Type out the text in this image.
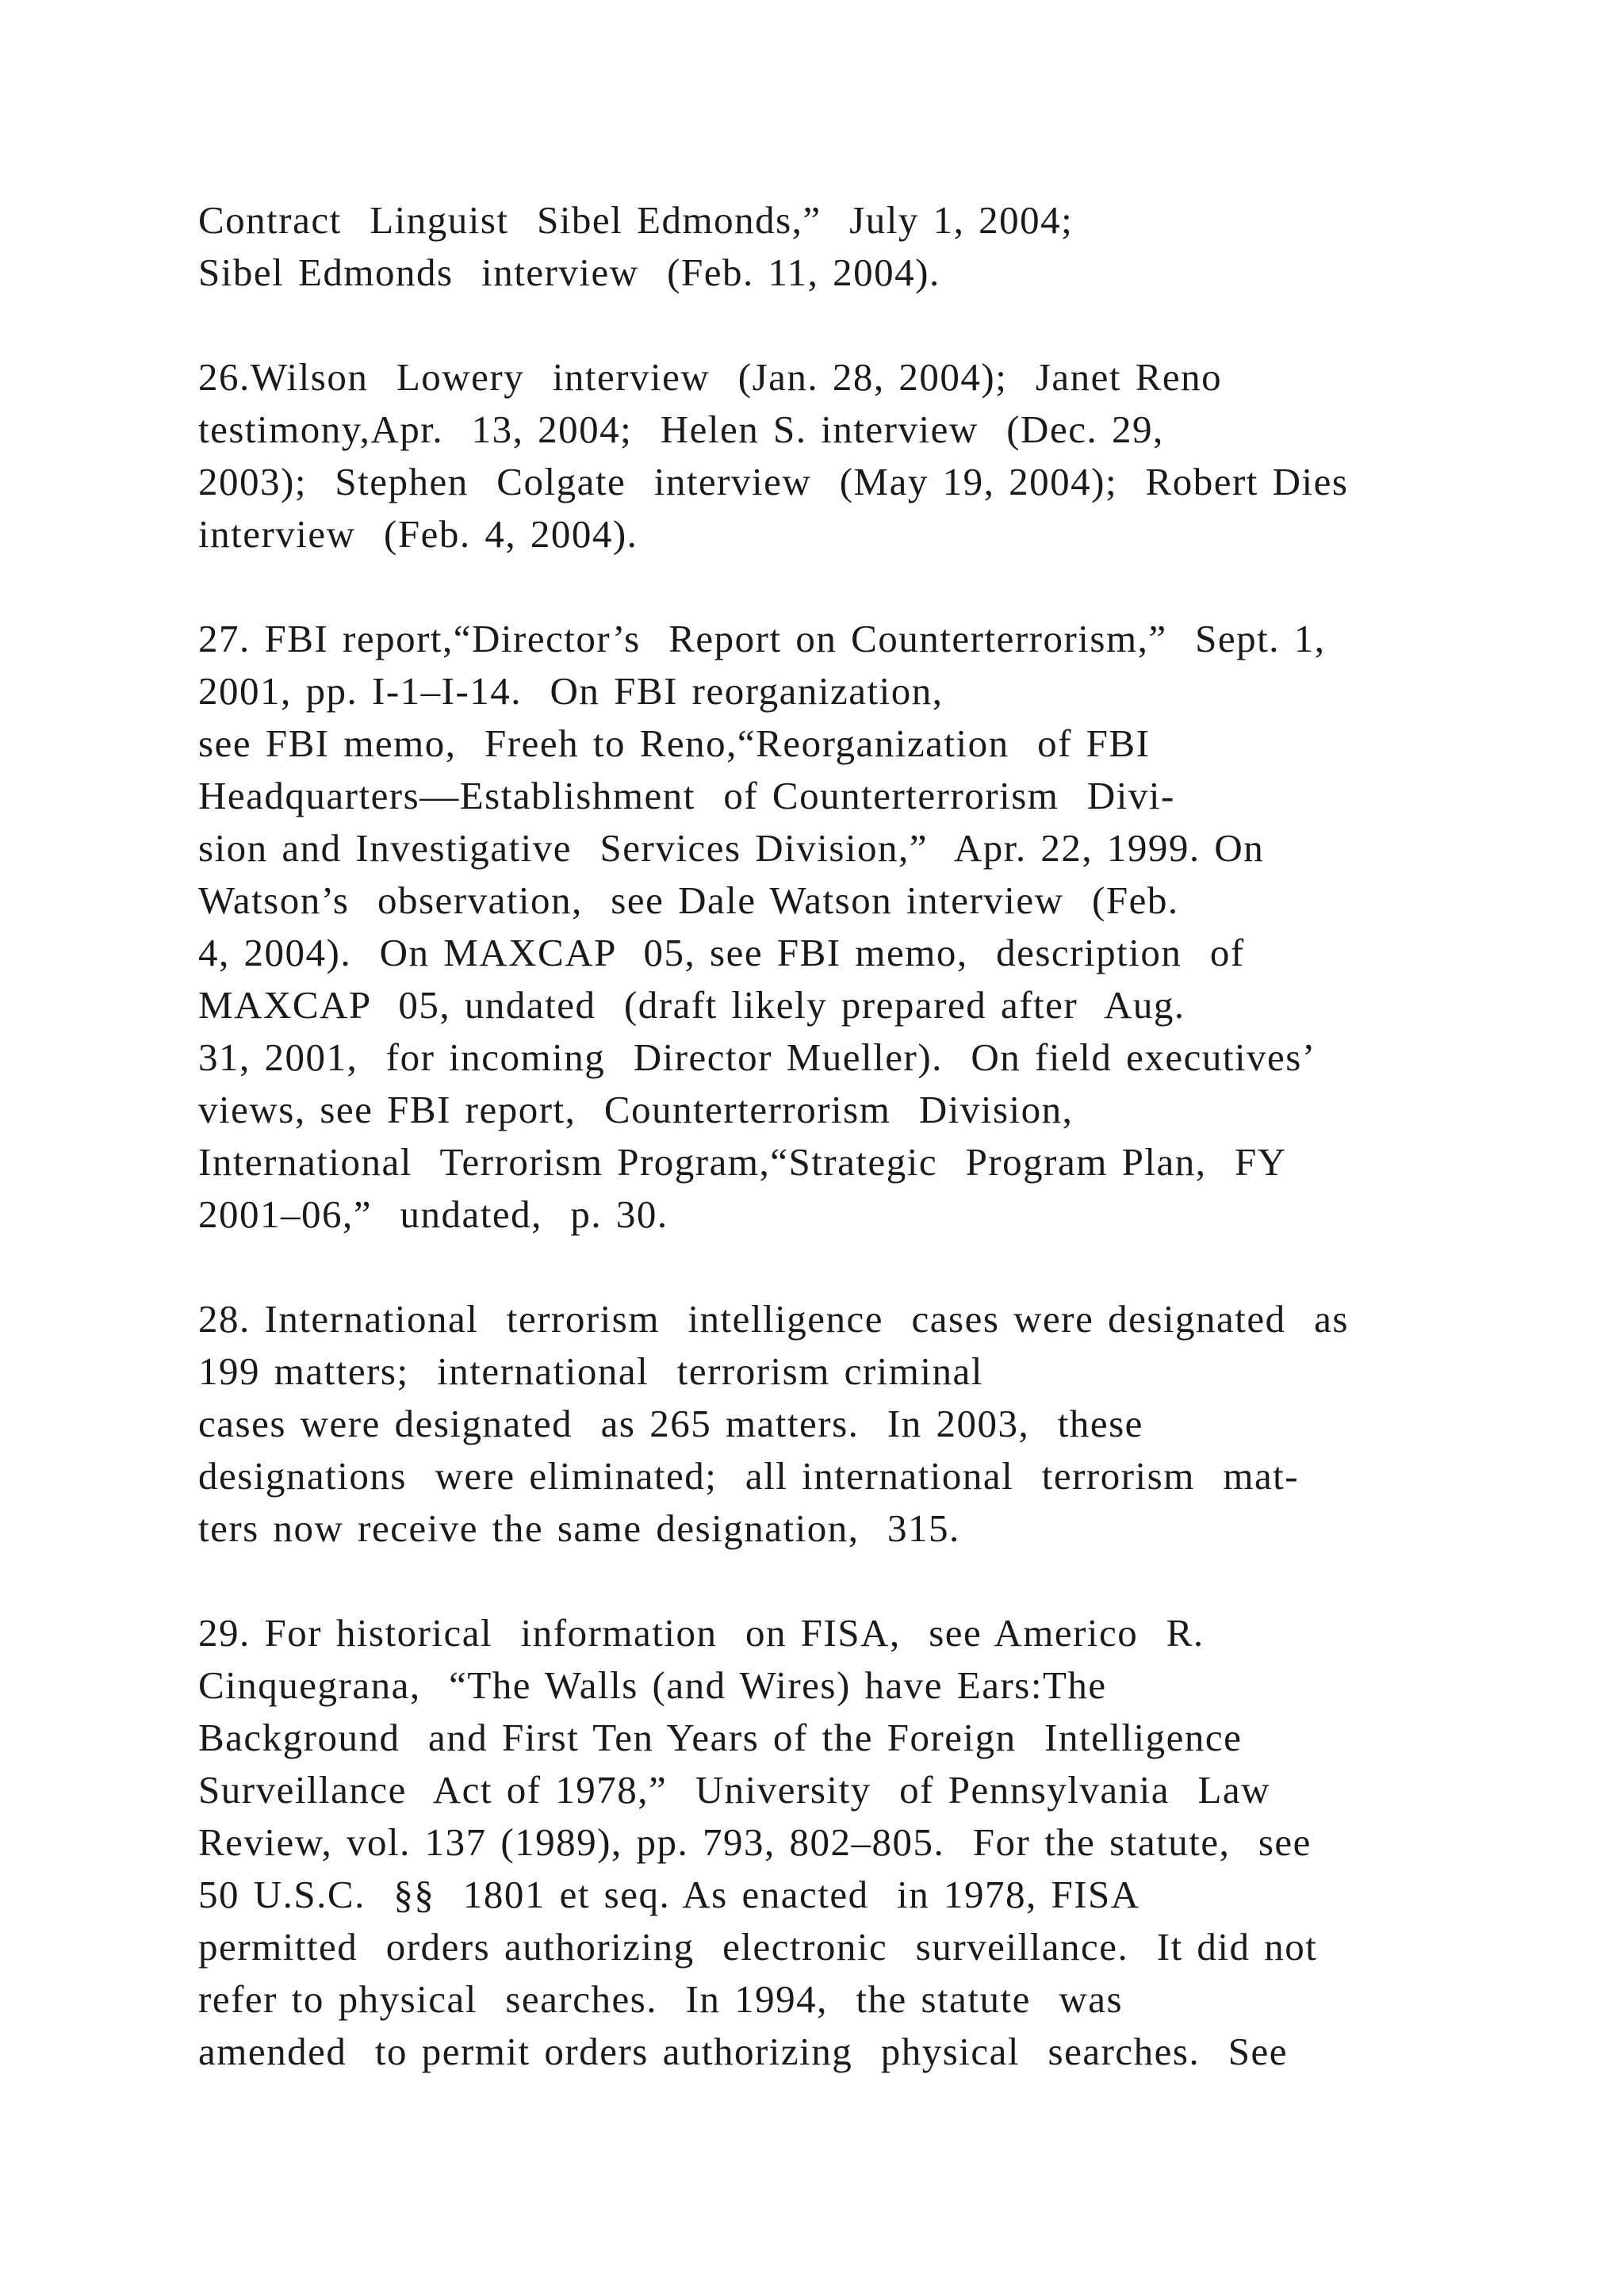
Contract  Linguist  Sibel Edmonds,”  July 1, 2004;
Sibel Edmonds  interview  (Feb. 11, 2004).
26.Wilson  Lowery  interview  (Jan. 28, 2004);  Janet Reno
testimony,Apr.  13, 2004;  Helen S. interview  (Dec. 29,
2003);  Stephen  Colgate  interview  (May 19, 2004);  Robert Dies
interview  (Feb. 4, 2004).
27. FBI report,“Director’s  Report on Counterterrorism,”  Sept. 1,
2001, pp. I-1–I-14.  On FBI reorganization,
see FBI memo,  Freeh to Reno,“Reorganization  of FBI
Headquarters—Establishment  of Counterterrorism  Divi-
sion and Investigative  Services Division,”  Apr. 22, 1999. On
Watson’s  observation,  see Dale Watson interview  (Feb.
4, 2004).  On MAXCAP  05, see FBI memo,  description  of
MAXCAP  05, undated  (draft likely prepared after  Aug.
31, 2001,  for incoming  Director Mueller).  On field executives’
views, see FBI report,  Counterterrorism  Division,
International  Terrorism Program,“Strategic  Program Plan,  FY
2001–06,”  undated,  p. 30.
28. International  terrorism  intelligence  cases were designated  as
199 matters;  international  terrorism criminal
cases were designated  as 265 matters.  In 2003,  these
designations  were eliminated;  all international  terrorism  mat-
ters now receive the same designation,  315.
29. For historical  information  on FISA,  see Americo  R.
Cinquegrana,  “The Walls (and Wires) have Ears:The
Background  and First Ten Years of the Foreign  Intelligence
Surveillance  Act of 1978,”  University  of Pennsylvania  Law
Review, vol. 137 (1989), pp. 793, 802–805.  For the statute,  see
50 U.S.C.  §§  1801 et seq. As enacted  in 1978, FISA
permitted  orders authorizing  electronic  surveillance.  It did not
refer to physical  searches.  In 1994,  the statute  was
amended  to permit orders authorizing  physical  searches.  See
